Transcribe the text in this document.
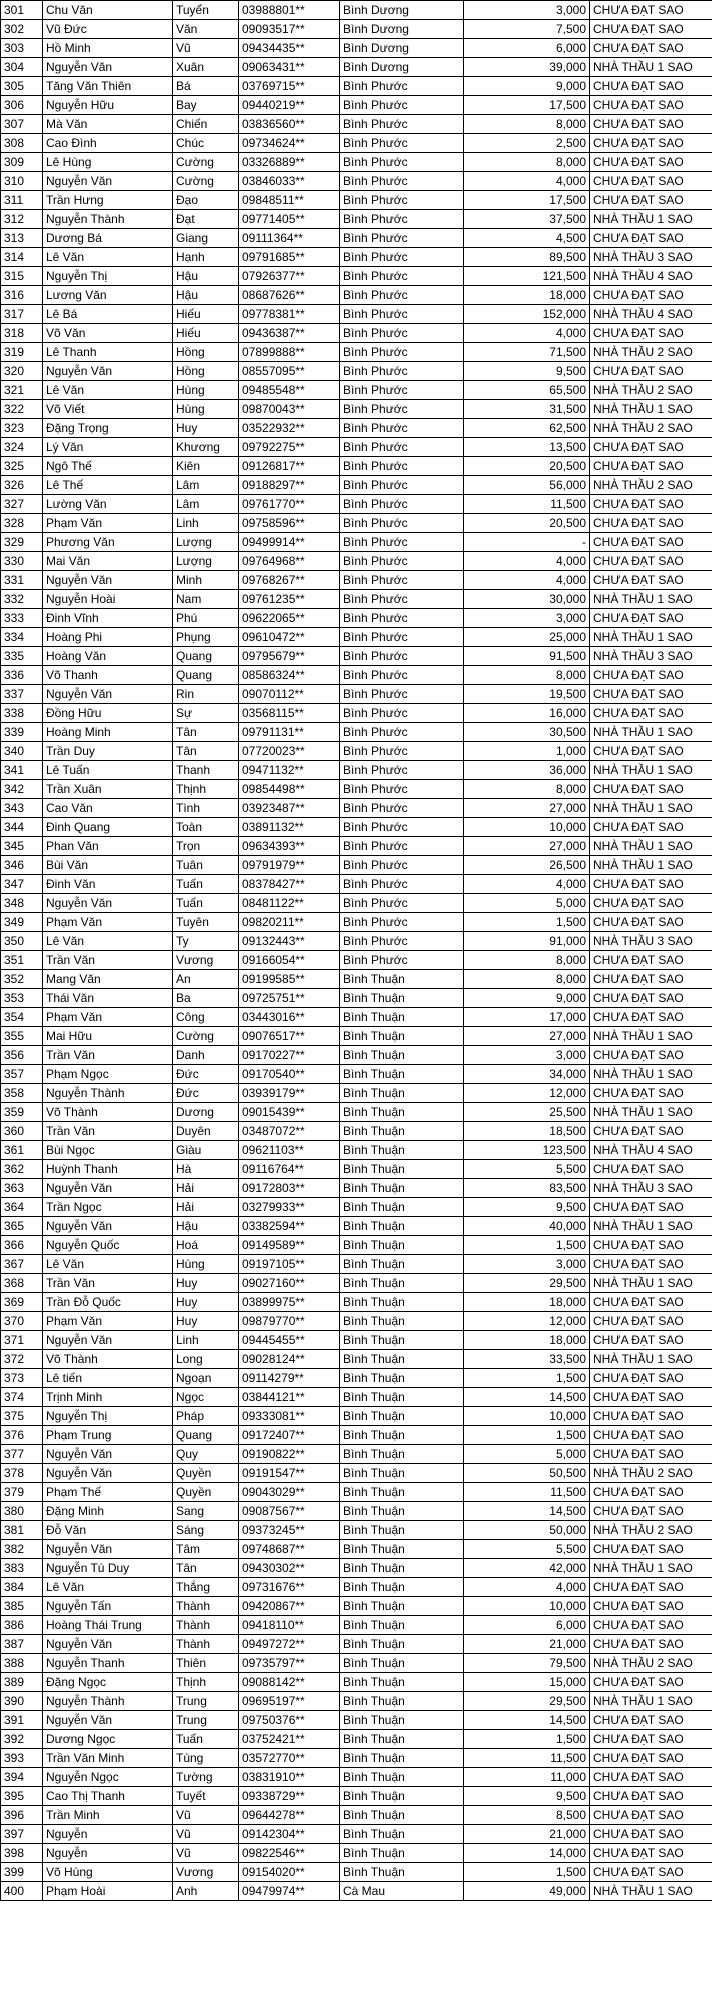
301	Chu Văn	Tuyển	03988801**	Bình Dương	3,000	CHƯA ĐẠT SAO
302	Vũ Đức	Văn	09093517**	Bình Dương	7,500	CHƯA ĐẠT SAO
303	Hồ Minh	Vũ	09434435**	Bình Dương	6,000	CHƯA ĐẠT SAO
304	Nguyễn Văn	Xuân	09063431**	Bình Dương	39,000	NHÀ THẦU 1 SAO
305	Tăng Văn Thiên	Bá	03769715**	Bình Phước	9,000	CHƯA ĐẠT SAO
306	Nguyễn Hữu	Bay	09440219**	Bình Phước	17,500	CHƯA ĐẠT SAO
307	Mà Văn	Chiến	03836560**	Bình Phước	8,000	CHƯA ĐẠT SAO
308	Cao Đình	Chúc	09734624**	Bình Phước	2,500	CHƯA ĐẠT SAO
309	Lê Hùng	Cường	03326889**	Bình Phước	8,000	CHƯA ĐẠT SAO
310	Nguyễn Văn	Cường	03846033**	Bình Phước	4,000	CHƯA ĐẠT SAO
311	Trần Hưng	Đạo	09848511**	Bình Phước	17,500	CHƯA ĐẠT SAO
312	Nguyễn Thành	Đạt	09771405**	Bình Phước	37,500	NHÀ THẦU 1 SAO
313	Dương Bá	Giang	09111364**	Bình Phước	4,500	CHƯA ĐẠT SAO
314	Lê Văn	Hạnh	09791685**	Bình Phước	89,500	NHÀ THẦU 3 SAO
315	Nguyễn Thị	Hậu	07926377**	Bình Phước	121,500	NHÀ THẦU 4 SAO
316	Lương Văn	Hậu	08687626**	Bình Phước	18,000	CHƯA ĐẠT SAO
317	Lê Bá	Hiếu	09778381**	Bình Phước	152,000	NHÀ THẦU 4 SAO
318	Võ Văn	Hiếu	09436387**	Bình Phước	4,000	CHƯA ĐẠT SAO
319	Lê Thanh	Hồng	07899888**	Bình Phước	71,500	NHÀ THẦU 2 SAO
320	Nguyễn Văn	Hồng	08557095**	Bình Phước	9,500	CHƯA ĐẠT SAO
321	Lê Văn	Hùng	09485548**	Bình Phước	65,500	NHÀ THẦU 2 SAO
322	Võ Viết	Hùng	09870043**	Bình Phước	31,500	NHÀ THẦU 1 SAO
323	Đặng Trọng	Huy	03522932**	Bình Phước	62,500	NHÀ THẦU 2 SAO
324	Lý Văn	Khương	09792275**	Bình Phước	13,500	CHƯA ĐẠT SAO
325	Ngô Thế	Kiên	09126817**	Bình Phước	20,500	CHƯA ĐẠT SAO
326	Lê Thế	Lâm	09188297**	Bình Phước	56,000	NHÀ THẦU 2 SAO
327	Lường Văn	Lâm	09761770**	Bình Phước	11,500	CHƯA ĐẠT SAO
328	Phạm Văn	Linh	09758596**	Bình Phước	20,500	CHƯA ĐẠT SAO
329	Phương Văn	Lượng	09499914**	Bình Phước	-	CHƯA ĐẠT SAO
330	Mai Văn	Lượng	09764968**	Bình Phước	4,000	CHƯA ĐẠT SAO
331	Nguyễn Văn	Minh	09768267**	Bình Phước	4,000	CHƯA ĐẠT SAO
332	Nguyễn Hoài	Nam	09761235**	Bình Phước	30,000	NHÀ THẦU 1 SAO
333	Đinh Vĩnh	Phú	09622065**	Bình Phước	3,000	CHƯA ĐẠT SAO
334	Hoàng Phi	Phụng	09610472**	Bình Phước	25,000	NHÀ THẦU 1 SAO
335	Hoàng Văn	Quang	09795679**	Bình Phước	91,500	NHÀ THẦU 3 SAO
336	Võ Thanh	Quang	08586324**	Bình Phước	8,000	CHƯA ĐẠT SAO
337	Nguyễn Văn	Rin	09070112**	Bình Phước	19,500	CHƯA ĐẠT SAO
338	Đồng Hữu	Sự	03568115**	Bình Phước	16,000	CHƯA ĐẠT SAO
339	Hoàng Minh	Tân	09791131**	Bình Phước	30,500	NHÀ THẦU 1 SAO
340	Trần Duy	Tân	07720023**	Bình Phước	1,000	CHƯA ĐẠT SAO
341	Lê Tuấn	Thanh	09471132**	Bình Phước	36,000	NHÀ THẦU 1 SAO
342	Trần Xuân	Thịnh	09854498**	Bình Phước	8,000	CHƯA ĐẠT SAO
343	Cao Văn	Tình	03923487**	Bình Phước	27,000	NHÀ THẦU 1 SAO
344	Đinh Quang	Toàn	03891132**	Bình Phước	10,000	CHƯA ĐẠT SAO
345	Phan Văn	Trọn	09634393**	Bình Phước	27,000	NHÀ THẦU 1 SAO
346	Bùi Văn	Tuân	09791979**	Bình Phước	26,500	NHÀ THẦU 1 SAO
347	Đinh Văn	Tuấn	08378427**	Bình Phước	4,000	CHƯA ĐẠT SAO
348	Nguyễn Văn	Tuấn	08481122**	Bình Phước	5,000	CHƯA ĐẠT SAO
349	Phạm Văn	Tuyên	09820211**	Bình Phước	1,500	CHƯA ĐẠT SAO
350	Lê Văn	Ty	09132443**	Bình Phước	91,000	NHÀ THẦU 3 SAO
351	Trần Văn	Vương	09166054**	Bình Phước	8,000	CHƯA ĐẠT SAO
352	Mang Văn	An	09199585**	Bình Thuận	8,000	CHƯA ĐẠT SAO
353	Thái Văn	Ba	09725751**	Bình Thuận	9,000	CHƯA ĐẠT SAO
354	Phạm Văn	Công	03443016**	Bình Thuận	17,000	CHƯA ĐẠT SAO
355	Mai Hữu	Cường	09076517**	Bình Thuận	27,000	NHÀ THẦU 1 SAO
356	Trần Văn	Danh	09170227**	Bình Thuận	3,000	CHƯA ĐẠT SAO
357	Phạm Ngọc	Đức	09170540**	Bình Thuận	34,000	NHÀ THẦU 1 SAO
358	Nguyễn Thành	Đức	03939179**	Bình Thuận	12,000	CHƯA ĐẠT SAO
359	Võ Thành	Dương	09015439**	Bình Thuận	25,500	NHÀ THẦU 1 SAO
360	Trần Văn	Duyên	03487072**	Bình Thuận	18,500	CHƯA ĐẠT SAO
361	Bùi Ngọc	Giàu	09621103**	Bình Thuận	123,500	NHÀ THẦU 4 SAO
362	Huỳnh Thanh	Hà	09116764**	Bình Thuận	5,500	CHƯA ĐẠT SAO
363	Nguyễn Văn	Hải	09172803**	Bình Thuận	83,500	NHÀ THẦU 3 SAO
364	Trần Ngọc	Hải	03279933**	Bình Thuận	9,500	CHƯA ĐẠT SAO
365	Nguyễn Văn	Hậu	03382594**	Bình Thuận	40,000	NHÀ THẦU 1 SAO
366	Nguyễn Quốc	Hoá	09149589**	Bình Thuận	1,500	CHƯA ĐẠT SAO
367	Lê Văn	Hùng	09197105**	Bình Thuận	3,000	CHƯA ĐẠT SAO
368	Trần Văn	Huy	09027160**	Bình Thuận	29,500	NHÀ THẦU 1 SAO
369	Trần Đỗ Quốc	Huy	03899975**	Bình Thuận	18,000	CHƯA ĐẠT SAO
370	Phạm Văn	Huy	09879770**	Bình Thuận	12,000	CHƯA ĐẠT SAO
371	Nguyễn Văn	Linh	09445455**	Bình Thuận	18,000	CHƯA ĐẠT SAO
372	Võ Thành	Long	09028124**	Bình Thuận	33,500	NHÀ THẦU 1 SAO
373	Lê tiến	Ngoạn	09114279**	Bình Thuận	1,500	CHƯA ĐẠT SAO
374	Trịnh Minh	Ngọc	03844121**	Bình Thuận	14,500	CHƯA ĐẠT SAO
375	Nguyễn Thị	Pháp	09333081**	Bình Thuận	10,000	CHƯA ĐẠT SAO
376	Phạm Trung	Quang	09172407**	Bình Thuận	1,500	CHƯA ĐẠT SAO
377	Nguyễn Văn	Quy	09190822**	Bình Thuận	5,000	CHƯA ĐẠT SAO
378	Nguyễn Văn	Quyền	09191547**	Bình Thuận	50,500	NHÀ THẦU 2 SAO
379	Phạm Thế	Quyền	09043029**	Bình Thuận	11,500	CHƯA ĐẠT SAO
380	Đặng Minh	Sang	09087567**	Bình Thuận	14,500	CHƯA ĐẠT SAO
381	Đỗ Văn	Sáng	09373245**	Bình Thuận	50,000	NHÀ THẦU 2 SAO
382	Nguyễn Văn	Tâm	09748687**	Bình Thuận	5,500	CHƯA ĐẠT SAO
383	Nguyễn Tú Duy	Tân	09430302**	Bình Thuận	42,000	NHÀ THẦU 1 SAO
384	Lê Văn	Thắng	09731676**	Bình Thuận	4,000	CHƯA ĐẠT SAO
385	Nguyễn Tấn	Thành	09420867**	Bình Thuận	10,000	CHƯA ĐẠT SAO
386	Hoàng Thái Trung	Thành	09418110**	Bình Thuận	6,000	CHƯA ĐẠT SAO
387	Nguyễn Văn	Thành	09497272**	Bình Thuận	21,000	CHƯA ĐẠT SAO
388	Nguyễn Thanh	Thiên	09735797**	Bình Thuận	79,500	NHÀ THẦU 2 SAO
389	Đặng Ngọc	Thịnh	09088142**	Bình Thuận	15,000	CHƯA ĐẠT SAO
390	Nguyễn Thành	Trung	09695197**	Bình Thuận	29,500	NHÀ THẦU 1 SAO
391	Nguyễn Văn	Trung	09750376**	Bình Thuận	14,500	CHƯA ĐẠT SAO
392	Dương Ngọc	Tuấn	03752421**	Bình Thuận	1,500	CHƯA ĐẠT SAO
393	Trần Văn Minh	Tùng	03572770**	Bình Thuận	11,500	CHƯA ĐẠT SAO
394	Nguyễn Ngọc	Tường	03831910**	Bình Thuận	11,000	CHƯA ĐẠT SAO
395	Cao Thị Thanh	Tuyết	09338729**	Bình Thuận	9,500	CHƯA ĐẠT SAO
396	Trần Minh	Vũ	09644278**	Bình Thuận	8,500	CHƯA ĐẠT SAO
397	Nguyễn	Vũ	09142304**	Bình Thuận	21,000	CHƯA ĐẠT SAO
398	Nguyễn	Vũ	09822546**	Bình Thuận	14,000	CHƯA ĐẠT SAO
399	Võ Hùng	Vương	09154020**	Bình Thuận	1,500	CHƯA ĐẠT SAO
400	Phạm Hoài	Anh	09479974**	Cà Mau	49,000	NHÀ THẦU 1 SAO
